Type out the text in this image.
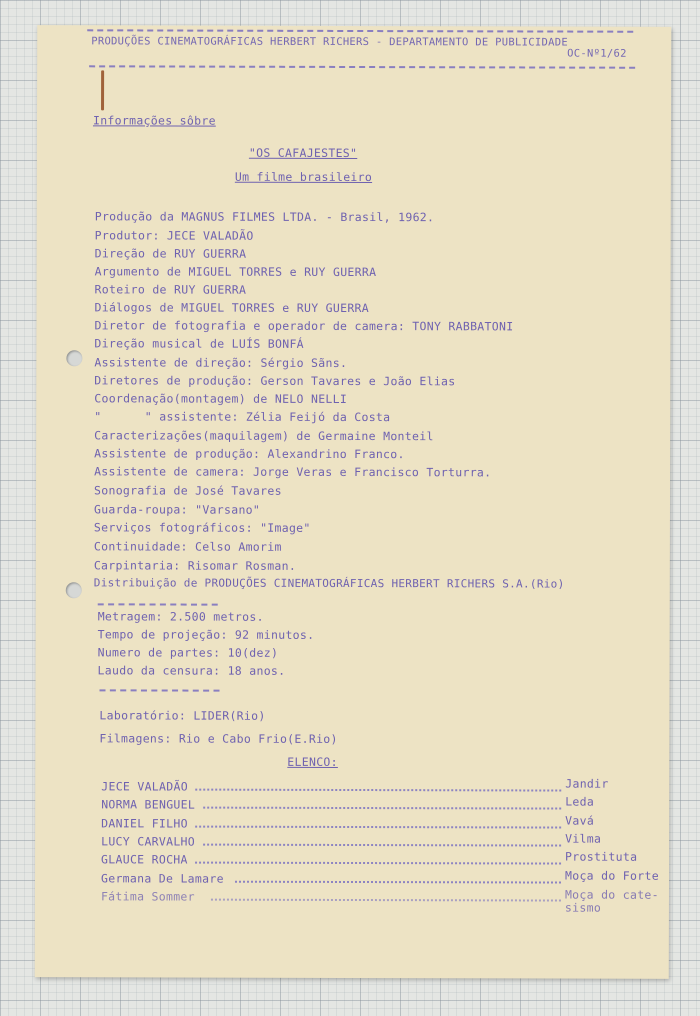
PRODUÇÕES CINEMATOGRÁFICAS HERBERT RICHERS - DEPARTAMENTO DE PUBLICIDADE
OC-Nº1/62
Informações sôbre
"OS CAFAJESTES"
Um filme brasileiro
Produção da MAGNUS FILMES LTDA. - Brasil, 1962.
Produtor: JECE VALADÃO
Direção de RUY GUERRA
Argumento de MIGUEL TORRES e RUY GUERRA
Roteiro de RUY GUERRA
Diálogos de MIGUEL TORRES e RUY GUERRA
Diretor de fotografia e operador de camera: TONY RABBATONI
Direção musical de LUÍS BONFÁ
Assistente de direção: Sérgio Sãns.
Diretores de produção: Gerson Tavares e João Elias
Coordenação(montagem) de NELO NELLI
"      " assistente: Zélia Feijó da Costa
Caracterizações(maquilagem) de Germaine Monteil
Assistente de produção: Alexandrino Franco.
Assistente de camera: Jorge Veras e Francisco Torturra.
Sonografia de José Tavares
Guarda-roupa: "Varsano"
Serviços fotográficos: "Image"
Continuidade: Celso Amorim
Carpintaria: Risomar Rosman.
Distribuição de PRODUÇÕES CINEMATOGRÁFICAS HERBERT RICHERS S.A.(Rio)
Metragem: 2.500 metros.
Tempo de projeção: 92 minutos.
Numero de partes: 10(dez)
Laudo da censura: 18 anos.
Laboratório: LIDER(Rio)
Filmagens: Rio e Cabo Frio(E.Rio)
ELENCO:
JECE VALADÃO	Jandir
NORMA BENGUEL	Leda
DANIEL FILHO	Vavá
LUCY CARVALHO	Vilma
GLAUCE ROCHA	Prostituta
Germana De Lamare	Moça do Forte
Fátima Sommer	Moça do cate-
sismo
